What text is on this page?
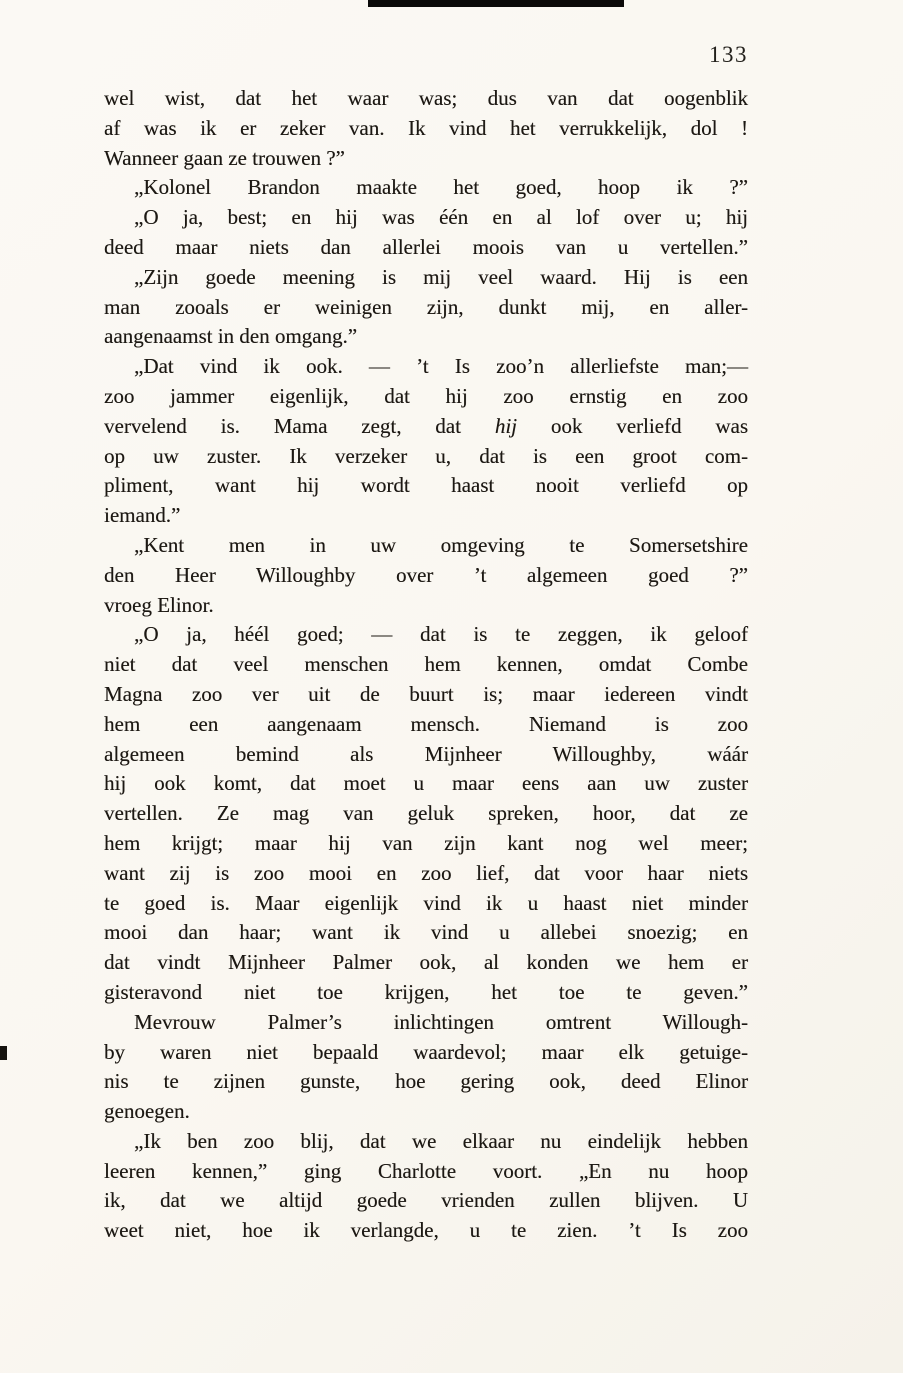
133
wel wist, dat het waar was; dus van dat oogenblik
af was ik er zeker van. Ik vind het verrukkelijk, dol !
Wanneer gaan ze trouwen ?”
„Kolonel Brandon maakte het goed, hoop ik ?”
„O ja, best; en hij was één en al lof over u; hij
deed maar niets dan allerlei moois van u vertellen.”
„Zijn goede meening is mij veel waard. Hij is een
man zooals er weinigen zijn, dunkt mij, en aller-
aangenaamst in den omgang.”
„Dat vind ik ook. — ’t Is zoo’n allerliefste man;—
zoo jammer eigenlijk, dat hij zoo ernstig en zoo
vervelend is. Mama zegt, dat hij ook verliefd was
op uw zuster. Ik verzeker u, dat is een groot com-
pliment, want hij wordt haast nooit verliefd op
iemand.”
„Kent men in uw omgeving te Somersetshire
den Heer Willoughby over ’t algemeen goed ?”
vroeg Elinor.
„O ja, héél goed; — dat is te zeggen, ik geloof
niet dat veel menschen hem kennen, omdat Combe
Magna zoo ver uit de buurt is; maar iedereen vindt
hem een aangenaam mensch. Niemand is zoo
algemeen bemind als Mijnheer Willoughby, wáár
hij ook komt, dat moet u maar eens aan uw zuster
vertellen. Ze mag van geluk spreken, hoor, dat ze
hem krijgt; maar hij van zijn kant nog wel meer;
want zij is zoo mooi en zoo lief, dat voor haar niets
te goed is. Maar eigenlijk vind ik u haast niet minder
mooi dan haar; want ik vind u allebei snoezig; en
dat vindt Mijnheer Palmer ook, al konden we hem er
gisteravond niet toe krijgen, het toe te geven.”
Mevrouw Palmer’s inlichtingen omtrent Willough-
by waren niet bepaald waardevol; maar elk getuige-
nis te zijnen gunste, hoe gering ook, deed Elinor
genoegen.
„Ik ben zoo blij, dat we elkaar nu eindelijk hebben
leeren kennen,” ging Charlotte voort. „En nu hoop
ik, dat we altijd goede vrienden zullen blijven. U
weet niet, hoe ik verlangde, u te zien. ’t Is zoo
